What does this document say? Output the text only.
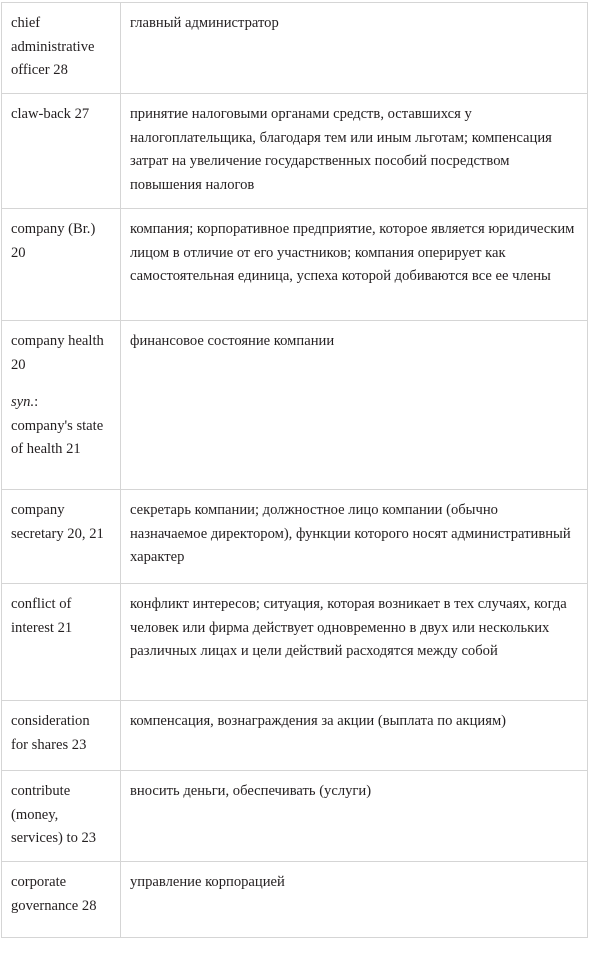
chief administrative officer 28	главный администратор

claw-back 27	принятие налоговыми органами средств, оставшихся у налогоплательщика, благодаря тем или иным льготам; компенсация затрат на увеличение государственных пособий посредством повышения налогов

company (Br.) 20	компания; корпоративное предприятие, которое является юридическим лицом в отличие от его участников; компания оперирует как самостоятельная единица, успеха которой добиваются все ее члены

company health 20
syn.:
company's state of health 21	финансовое состояние компании

company secretary 20, 21	секретарь компании; должностное лицо компании (обычно назначаемое директором), функции которого носят административный характер

conflict of interest 21	конфликт интересов; ситуация, которая возникает в тех случаях, когда человек или фирма действует одновременно в двух или нескольких различных лицах и цели действий расходятся между собой

consideration for shares 23	компенсация, вознаграждения за акции (выплата по акциям)

contribute (money, services) to 23	вносить деньги, обеспечивать (услуги)

corporate governance 28	управление корпорацией
